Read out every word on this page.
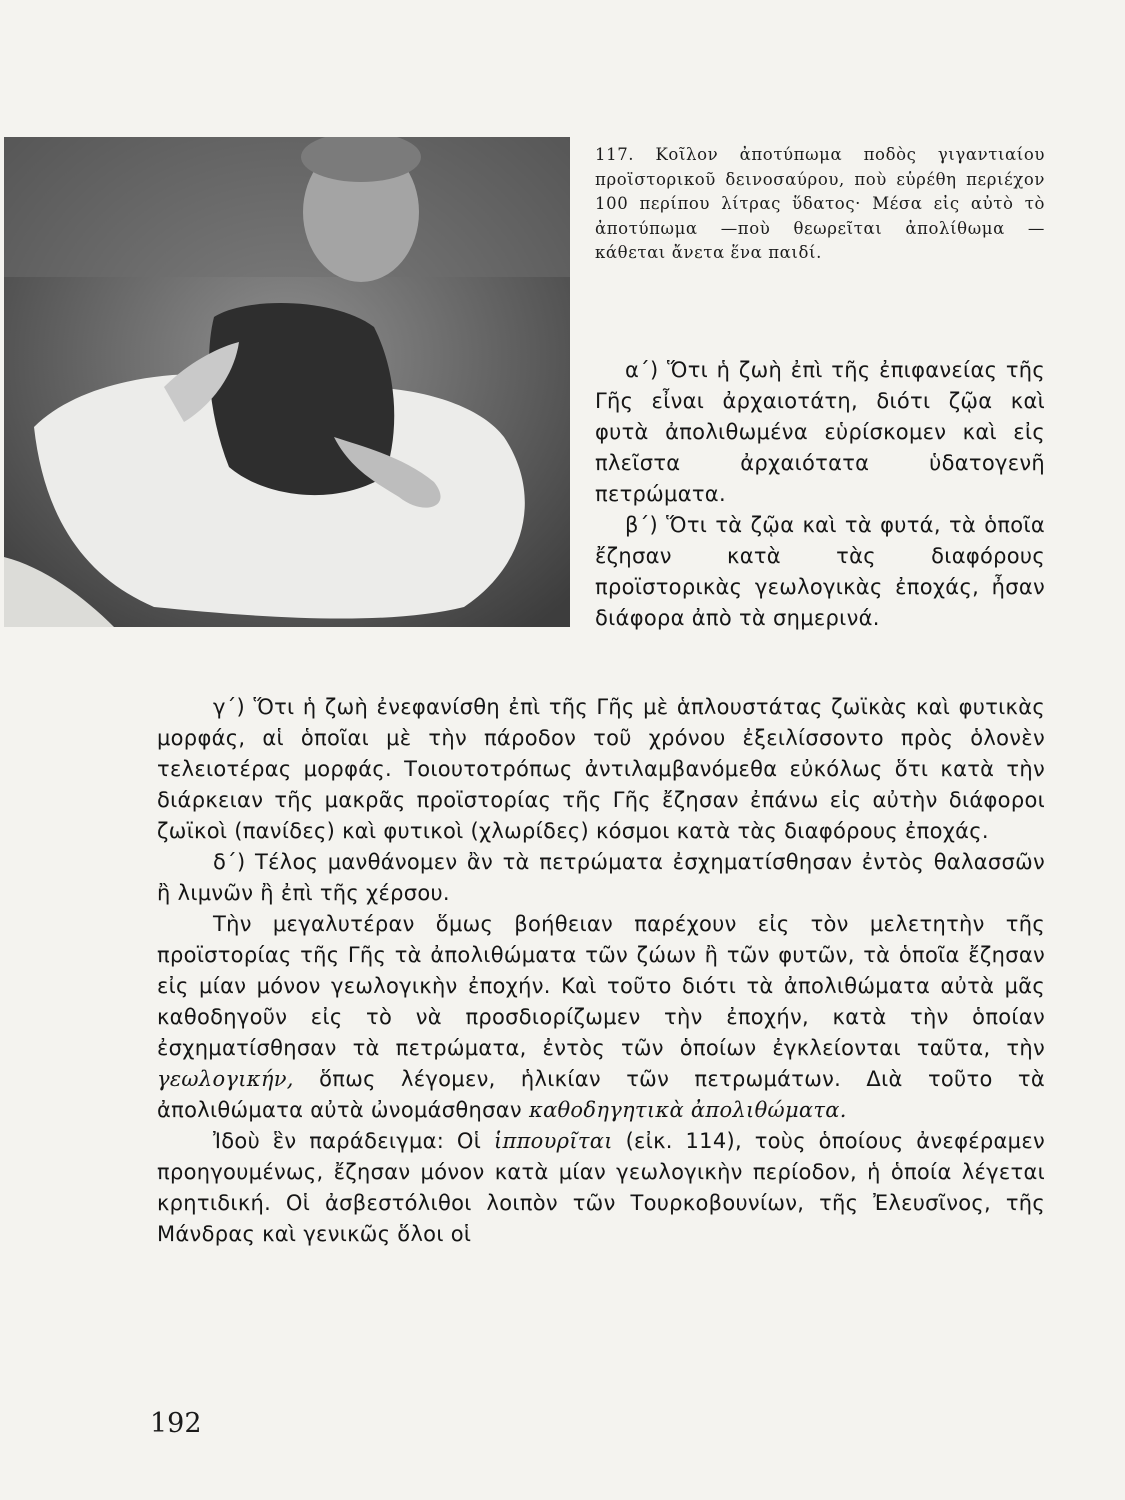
117. Κοῖλον ἀποτύπωμα ποδὸς γιγαντιαίου προϊστορικοῦ δεινοσαύρου, ποὺ εὑρέθη περιέχον 100 περίπου λίτρας ὕδατος· Μέσα εἰς αὐτὸ τὸ ἀποτύπωμα —ποὺ θεωρεῖται ἀπολίθωμα — κάθεται ἄνετα ἕνα παιδί.

α΄) Ὅτι ἡ ζωὴ ἐπὶ τῆς ἐπιφανείας τῆς Γῆς εἶναι ἀρχαιοτάτη, διότι ζῷα καὶ φυτὰ ἀπολιθωμένα εὑρίσκομεν καὶ εἰς πλεῖστα ἀρχαιότατα ὑδατογενῆ πετρώματα.

β΄) Ὅτι τὰ ζῷα καὶ τὰ φυτά, τὰ ὁποῖα ἔζησαν κατὰ τὰς διαφόρους προϊστορικὰς γεωλογικὰς ἐποχάς, ἦσαν διάφορα ἀπὸ τὰ σημερινά.

γ΄) Ὅτι ἡ ζωὴ ἐνεφανίσθη ἐπὶ τῆς Γῆς μὲ ἁπλουστάτας ζωϊκὰς καὶ φυτικὰς μορφάς, αἱ ὁποῖαι μὲ τὴν πάροδον τοῦ χρόνου ἐξειλίσσοντο πρὸς ὁλονὲν τελειοτέρας μορφάς. Τοιουτοτρόπως ἀντιλαμβανόμεθα εὐκόλως ὅτι κατὰ τὴν διάρκειαν τῆς μακρᾶς προϊστορίας τῆς Γῆς ἔζησαν ἐπάνω εἰς αὐτὴν διάφοροι ζωϊκοὶ (πανίδες) καὶ φυτικοὶ (χλωρίδες) κόσμοι κατὰ τὰς διαφόρους ἐποχάς.

δ΄) Τέλος μανθάνομεν ἂν τὰ πετρώματα ἐσχηματίσθησαν ἐντὸς θαλασσῶν ἢ λιμνῶν ἢ ἐπὶ τῆς χέρσου.

Τὴν μεγαλυτέραν ὅμως βοήθειαν παρέχουν εἰς τὸν μελετητὴν τῆς προϊστορίας τῆς Γῆς τὰ ἀπολιθώματα τῶν ζώων ἢ τῶν φυτῶν, τὰ ὁποῖα ἔζησαν εἰς μίαν μόνον γεωλογικὴν ἐποχήν. Καὶ τοῦτο διότι τὰ ἀπολιθώματα αὐτὰ μᾶς καθοδηγοῦν εἰς τὸ νὰ προσδιορίζωμεν τὴν ἐποχήν, κατὰ τὴν ὁποίαν ἐσχηματίσθησαν τὰ πετρώματα, ἐντὸς τῶν ὁποίων ἐγκλείονται ταῦτα, τὴν γεωλογικήν, ὅπως λέγομεν, ἡλικίαν τῶν πετρωμάτων. Διὰ τοῦτο τὰ ἀπολιθώματα αὐτὰ ὠνομάσθησαν καθοδηγητικὰ ἀπολιθώματα.

Ἰδοὺ ἓν παράδειγμα: Οἱ ἱππουρῖται (εἰκ. 114), τοὺς ὁποίους ἀνεφέραμεν προηγουμένως, ἔζησαν μόνον κατὰ μίαν γεωλογικὴν περίοδον, ἡ ὁποία λέγεται κρητιδική. Οἱ ἀσβεστόλιθοι λοιπὸν τῶν Τουρκοβουνίων, τῆς Ἐλευσῖνος, τῆς Μάνδρας καὶ γενικῶς ὅλοι οἱ

192
